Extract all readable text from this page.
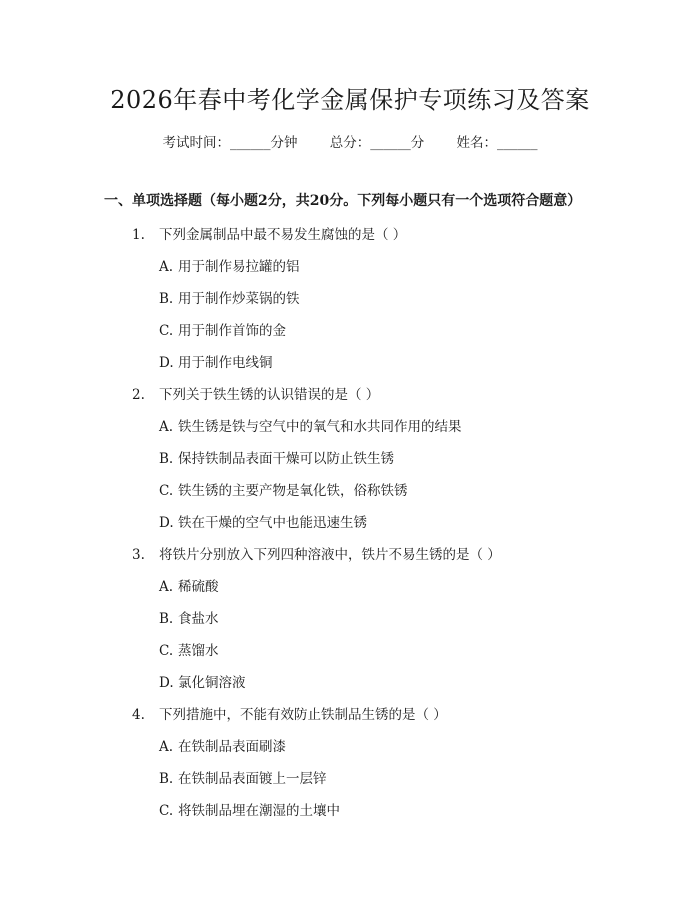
2026年春中考化学金属保护专项练习及答案
考试时间：______分钟 总分：______分 姓名：______
一、单项选择题（每小题2分，共20分。下列每小题只有一个选项符合题意）
1. 下列金属制品中最不易发生腐蚀的是（ ）
A. 用于制作易拉罐的铝
B. 用于制作炒菜锅的铁
C. 用于制作首饰的金
D. 用于制作电线铜
2. 下列关于铁生锈的认识错误的是（ ）
A. 铁生锈是铁与空气中的氧气和水共同作用的结果
B. 保持铁制品表面干燥可以防止铁生锈
C. 铁生锈的主要产物是氧化铁，俗称铁锈
D. 铁在干燥的空气中也能迅速生锈
3. 将铁片分别放入下列四种溶液中，铁片不易生锈的是（ ）
A. 稀硫酸
B. 食盐水
C. 蒸馏水
D. 氯化铜溶液
4. 下列措施中，不能有效防止铁制品生锈的是（ ）
A. 在铁制品表面刷漆
B. 在铁制品表面镀上一层锌
C. 将铁制品埋在潮湿的土壤中
